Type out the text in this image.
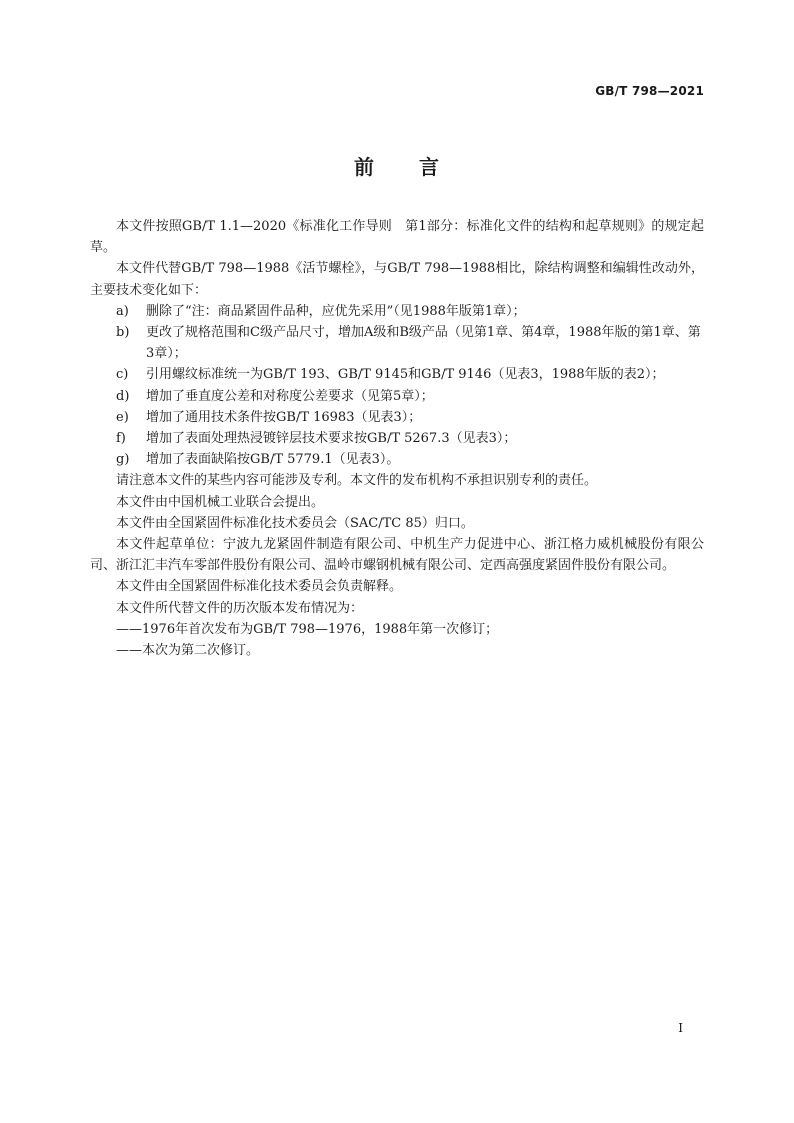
GB/T 798—2021
前 言

本文件按照GB/T 1.1—2020《标准化工作导则　第1部分：标准化文件的结构和起草规则》的规定起草。

本文件代替GB/T 798—1988《活节螺栓》，与GB/T 798—1988相比，除结构调整和编辑性改动外，主要技术变化如下：

a) 删除了“注：商品紧固件品种，应优先采用”（见1988年版第1章）；

b) 更改了规格范围和C级产品尺寸，增加A级和B级产品（见第1章、第4章，1988年版的第1章、第3章）；

c) 引用螺纹标准统一为GB/T 193、GB/T 9145和GB/T 9146（见表3，1988年版的表2）；

d) 增加了垂直度公差和对称度公差要求（见第5章）；

e) 增加了通用技术条件按GB/T 16983（见表3）；

f) 增加了表面处理热浸镀锌层技术要求按GB/T 5267.3（见表3）；

g) 增加了表面缺陷按GB/T 5779.1（见表3）。

请注意本文件的某些内容可能涉及专利。本文件的发布机构不承担识别专利的责任。

本文件由中国机械工业联合会提出。

本文件由全国紧固件标准化技术委员会（SAC/TC 85）归口。

本文件起草单位：宁波九龙紧固件制造有限公司、中机生产力促进中心、浙江格力威机械股份有限公司、浙江汇丰汽车零部件股份有限公司、温岭市螺钢机械有限公司、定西高强度紧固件股份有限公司。

本文件由全国紧固件标准化技术委员会负责解释。

本文件所代替文件的历次版本发布情况为：

——1976年首次发布为GB/T 798—1976，1988年第一次修订；

——本次为第二次修订。

I
